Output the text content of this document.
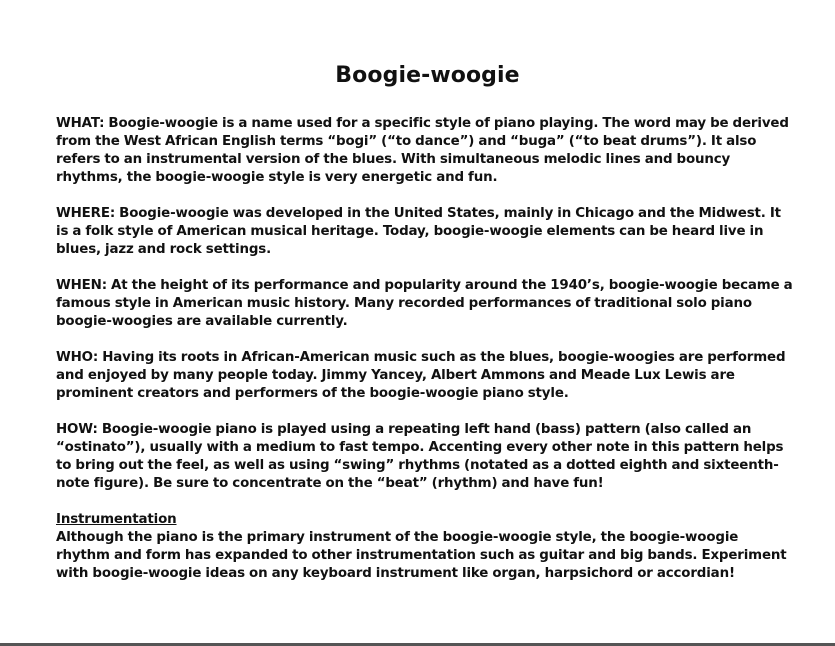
Boogie-woogie

WHAT: Boogie-woogie is a name used for a specific style of piano playing. The word may be derived from the West African English terms “bogi” (“to dance”) and “buga” (“to beat drums”). It also refers to an instrumental version of the blues. With simultaneous melodic lines and bouncy rhythms, the boogie-woogie style is very energetic and fun.

WHERE: Boogie-woogie was developed in the United States, mainly in Chicago and the Midwest. It is a folk style of American musical heritage. Today, boogie-woogie elements can be heard live in blues, jazz and rock settings.

WHEN: At the height of its performance and popularity around the 1940’s, boogie-woogie became a famous style in American music history. Many recorded performances of traditional solo piano boogie-woogies are available currently.

WHO: Having its roots in African-American music such as the blues, boogie-woogies are performed and enjoyed by many people today. Jimmy Yancey, Albert Ammons and Meade Lux Lewis are prominent creators and performers of the boogie-woogie piano style.

HOW: Boogie-woogie piano is played using a repeating left hand (bass) pattern (also called an “ostinato”), usually with a medium to fast tempo. Accenting every other note in this pattern helps to bring out the feel, as well as using “swing” rhythms (notated as a dotted eighth and sixteenth-note figure). Be sure to concentrate on the “beat” (rhythm) and have fun!

Instrumentation

Although the piano is the primary instrument of the boogie-woogie style, the boogie-woogie rhythm and form has expanded to other instrumentation such as guitar and big bands. Experiment with boogie-woogie ideas on any keyboard instrument like organ, harpsichord or accordian!
